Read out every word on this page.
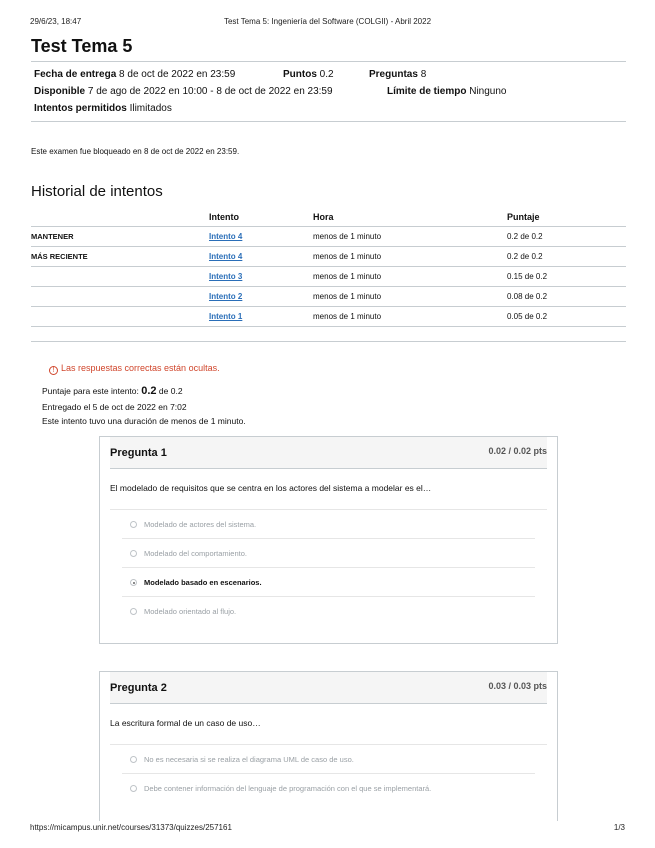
29/6/23, 18:47	Test Tema 5: Ingeniería del Software (COLGII) - Abril 2022
Test Tema 5
Fecha de entrega 8 de oct de 2022 en 23:59	Puntos 0.2	Preguntas 8
Disponible 7 de ago de 2022 en 10:00 - 8 de oct de 2022 en 23:59	Límite de tiempo Ninguno
Intentos permitidos Ilimitados

Este examen fue bloqueado en 8 de oct de 2022 en 23:59.

Historial de intentos
	Intento	Hora	Puntaje
MANTENER	Intento 4	menos de 1 minuto	0.2 de 0.2
MÁS RECIENTE	Intento 4	menos de 1 minuto	0.2 de 0.2
	Intento 3	menos de 1 minuto	0.15 de 0.2
	Intento 2	menos de 1 minuto	0.08 de 0.2
	Intento 1	menos de 1 minuto	0.05 de 0.2
! Las respuestas correctas están ocultas.
Puntaje para este intento: 0.2 de 0.2
Entregado el 5 de oct de 2022 en 7:02
Este intento tuvo una duración de menos de 1 minuto.
Pregunta 1	0.02 / 0.02 pts
El modelado de requisitos que se centra en los actores del sistema a modelar es el…
Modelado de actores del sistema.
Modelado del comportamiento.
Modelado basado en escenarios.
Modelado orientado al flujo.
Pregunta 2	0.03 / 0.03 pts
La escritura formal de un caso de uso…
No es necesaria si se realiza el diagrama UML de caso de uso.
Debe contener información del lenguaje de programación con el que se implementará.
https://micampus.unir.net/courses/31373/quizzes/257161	1/3
